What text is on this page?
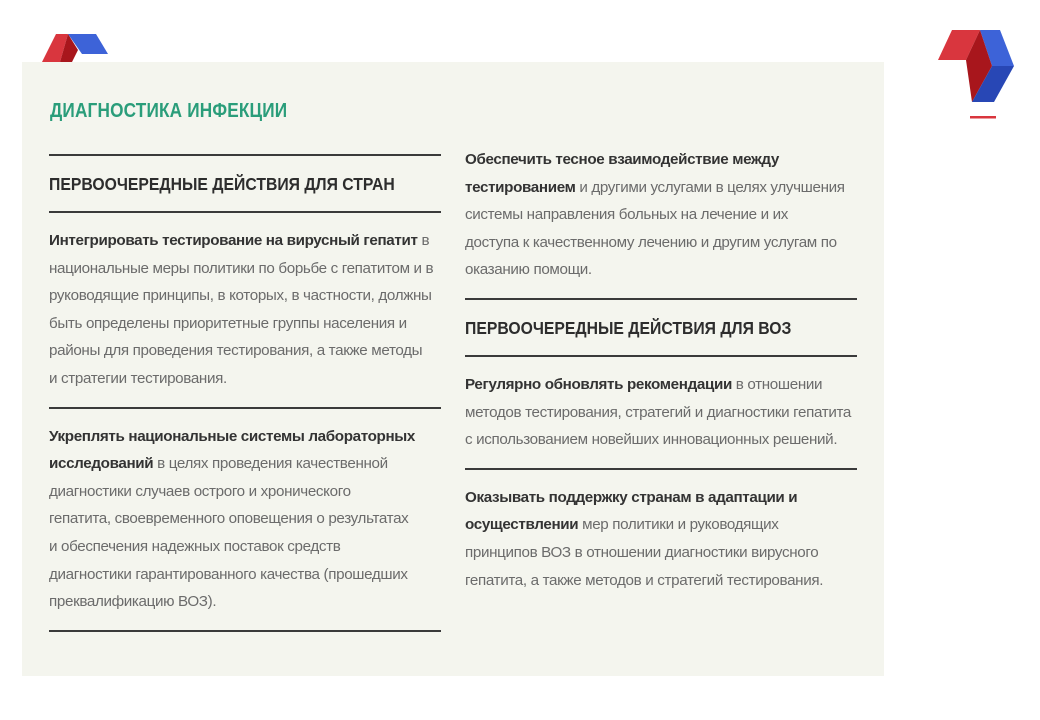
ДИАГНОСТИКА ИНФЕКЦИИ
ПЕРВООЧЕРЕДНЫЕ ДЕЙСТВИЯ ДЛЯ СТРАН
Интегрировать тестирование на вирусный гепатит в
национальные меры политики по борьбе с гепатитом и в
руководящие принципы, в которых, в частности, должны
быть определены приоритетные группы населения и
районы для проведения тестирования, а также методы
и стратегии тестирования.
Укреплять национальные системы лабораторных
исследований в целях проведения качественной
диагностики случаев острого и хронического
гепатита, своевременного оповещения о результатах
и обеспечения надежных поставок средств
диагностики гарантированного качества (прошедших
преквалификацию ВОЗ).
Обеспечить тесное взаимодействие между
тестированием и другими услугами в целях улучшения
системы направления больных на лечение и их
доступа к качественному лечению и другим услугам по
оказанию помощи.
ПЕРВООЧЕРЕДНЫЕ ДЕЙСТВИЯ ДЛЯ ВОЗ
Регулярно обновлять рекомендации в отношении
методов тестирования, стратегий и диагностики гепатита
с использованием новейших инновационных решений.
Оказывать поддержку странам в адаптации и
осуществлении мер политики и руководящих
принципов ВОЗ в отношении диагностики вирусного
гепатита, а также методов и стратегий тестирования.
